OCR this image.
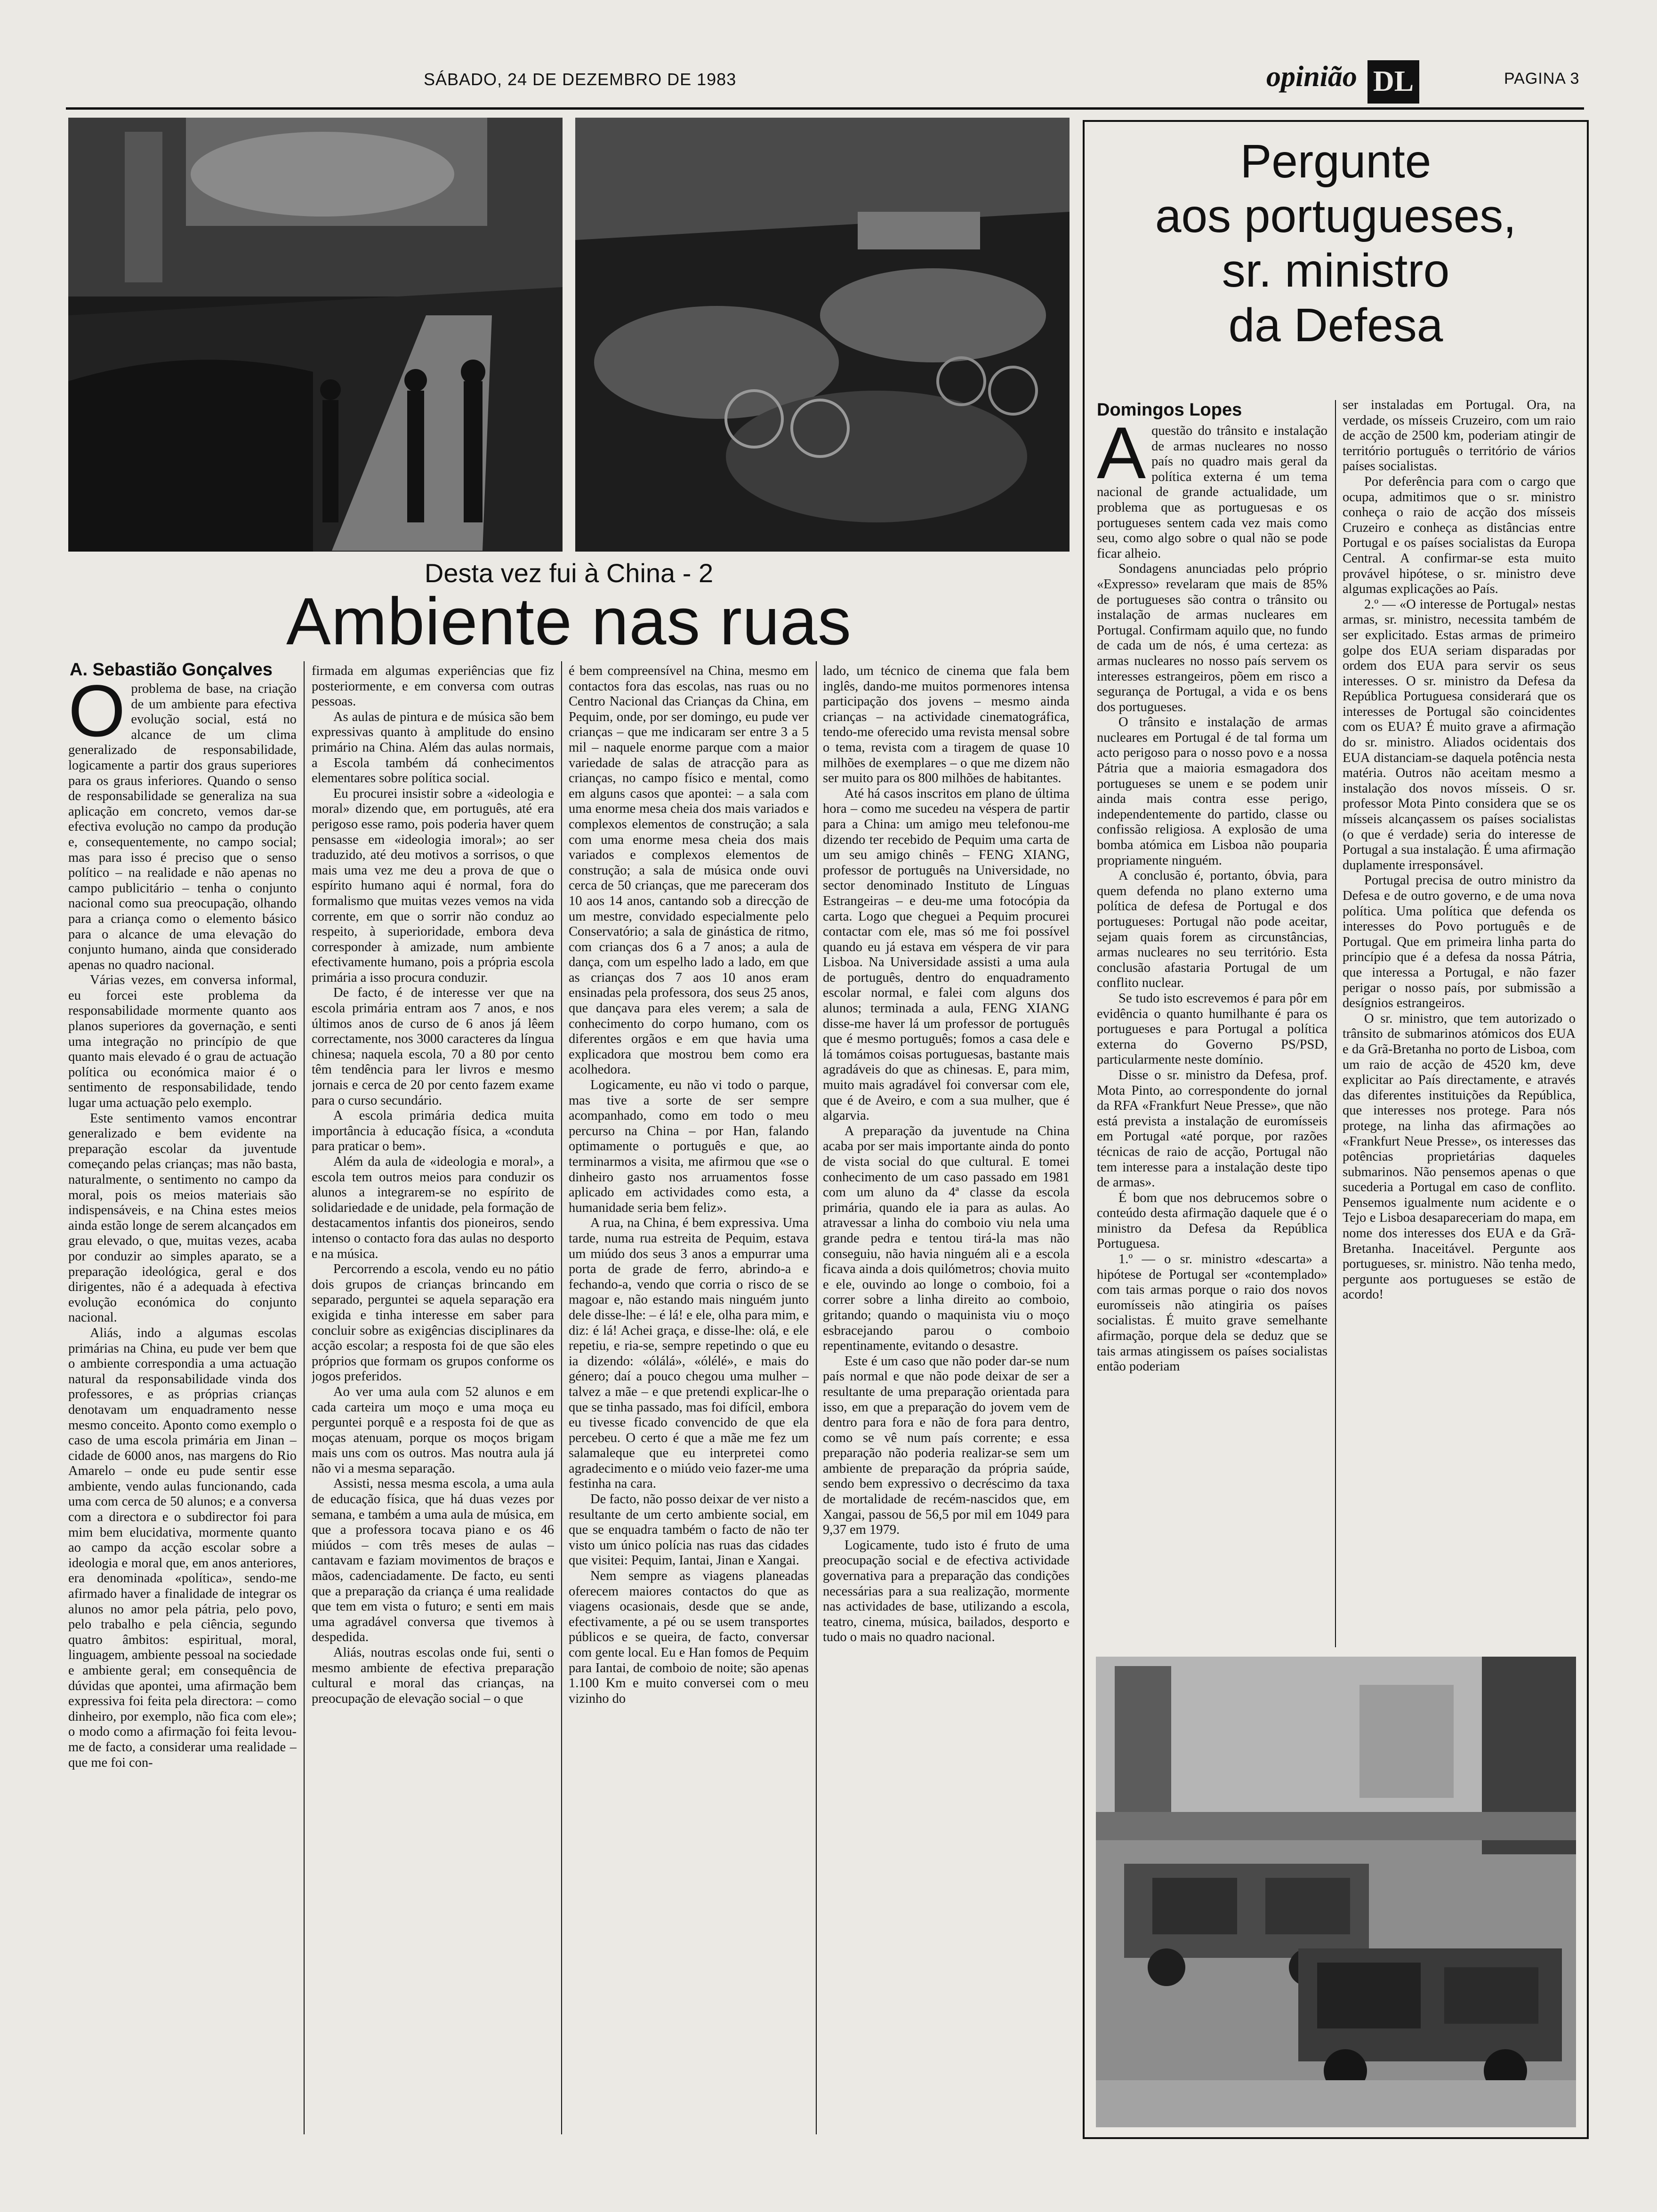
SÁBADO, 24 DE DEZEMBRO DE 1983	opinião DL	PAGINA 3
Desta vez fui à China - 2
Ambiente nas ruas
A. Sebastião Gonçalves

Oproblema de base, na criação de um ambiente para efectiva evolução social, está no alcance de um clima generalizado de responsabilidade, logicamente a partir dos graus superiores para os graus inferiores. Quando o senso de responsabilidade se generaliza na sua aplicação em concreto, vemos dar-se efectiva evolução no campo da produção e, consequentemente, no campo social; mas para isso é preciso que o senso político – na realidade e não apenas no campo publicitário – tenha o conjunto nacional como sua preocupação, olhando para a criança como o elemento básico para o alcance de uma elevação do conjunto humano, ainda que considerado apenas no quadro nacional.

Várias vezes, em conversa informal, eu forcei este problema da responsabilidade mormente quanto aos planos superiores da governação, e senti uma integração no princípio de que quanto mais elevado é o grau de actuação política ou económica maior é o sentimento de responsabilidade, tendo lugar uma actuação pelo exemplo.

Este sentimento vamos encontrar generalizado e bem evidente na preparação escolar da juventude começando pelas crianças; mas não basta, naturalmente, o sentimento no campo da moral, pois os meios materiais são indispensáveis, e na China estes meios ainda estão longe de serem alcançados em grau elevado, o que, muitas vezes, acaba por conduzir ao simples aparato, se a preparação ideológica, geral e dos dirigentes, não é a adequada à efectiva evolução económica do conjunto nacional.

Aliás, indo a algumas escolas primárias na China, eu pude ver bem que o ambiente correspondia a uma actuação natural da responsabilidade vinda dos professores, e as próprias crianças denotavam um enquadramento nesse mesmo conceito. Aponto como exemplo o caso de uma escola primária em Jinan – cidade de 6000 anos, nas margens do Rio Amarelo – onde eu pude sentir esse ambiente, vendo aulas funcionando, cada uma com cerca de 50 alunos; e a conversa com a directora e o subdirector foi para mim bem elucidativa, mormente quanto ao campo da acção escolar sobre a ideologia e moral que, em anos anteriores, era denominada «política», sendo-me afirmado haver a finalidade de integrar os alunos no amor pela pátria, pelo povo, pelo trabalho e pela ciência, segundo quatro âmbitos: espiritual, moral, linguagem, ambiente pessoal na sociedade e ambiente geral; em consequência de dúvidas que apontei, uma afirmação bem expressiva foi feita pela directora: – como dinheiro, por exemplo, não fica com ele»; o modo como a afirmação foi feita levou-me de facto, a considerar uma realidade – que me foi con-

firmada em algumas experiências que fiz posteriormente, e em conversa com outras pessoas.

As aulas de pintura e de música são bem expressivas quanto à amplitude do ensino primário na China. Além das aulas normais, a Escola também dá conhecimentos elementares sobre política social.

Eu procurei insistir sobre a «ideologia e moral» dizendo que, em português, até era perigoso esse ramo, pois poderia haver quem pensasse em «ideologia imoral»; ao ser traduzido, até deu motivos a sorrisos, o que mais uma vez me deu a prova de que o espírito humano aqui é normal, fora do formalismo que muitas vezes vemos na vida corrente, em que o sorrir não conduz ao respeito, à superioridade, embora deva corresponder à amizade, num ambiente efectivamente humano, pois a própria escola primária a isso procura conduzir.

De facto, é de interesse ver que na escola primária entram aos 7 anos, e nos últimos anos de curso de 6 anos já lêem correctamente, nos 3000 caracteres da língua chinesa; naquela escola, 70 a 80 por cento têm tendência para ler livros e mesmo jornais e cerca de 20 por cento fazem exame para o curso secundário.

A escola primária dedica muita importância à educação física, a «conduta para praticar o bem».

Além da aula de «ideologia e moral», a escola tem outros meios para conduzir os alunos a integrarem-se no espírito de solidariedade e de unidade, pela formação de destacamentos infantis dos pioneiros, sendo intenso o contacto fora das aulas no desporto e na música.

Percorrendo a escola, vendo eu no pátio dois grupos de crianças brincando em separado, perguntei se aquela separação era exigida e tinha interesse em saber para concluir sobre as exigências disciplinares da acção escolar; a resposta foi de que são eles próprios que formam os grupos conforme os jogos preferidos.

Ao ver uma aula com 52 alunos e em cada carteira um moço e uma moça eu perguntei porquê e a resposta foi de que as moças atenuam, porque os moços brigam mais uns com os outros. Mas noutra aula já não vi a mesma separação.

Assisti, nessa mesma escola, a uma aula de educação física, que há duas vezes por semana, e também a uma aula de música, em que a professora tocava piano e os 46 miúdos – com três meses de aulas – cantavam e faziam movimentos de braços e mãos, cadenciadamente. De facto, eu senti que a preparação da criança é uma realidade que tem em vista o futuro; e senti em mais uma agradável conversa que tivemos à despedida.

Aliás, noutras escolas onde fui, senti o mesmo ambiente de efectiva preparação cultural e moral das crianças, na preocupação de elevação social – o que

é bem compreensível na China, mesmo em contactos fora das escolas, nas ruas ou no Centro Nacional das Crianças da China, em Pequim, onde, por ser domingo, eu pude ver crianças – que me indicaram ser entre 3 a 5 mil – naquele enorme parque com a maior variedade de salas de atracção para as crianças, no campo físico e mental, como em alguns casos que apontei: – a sala com uma enorme mesa cheia dos mais variados e complexos elementos de construção; a sala com uma enorme mesa cheia dos mais variados e complexos elementos de construção; a sala de música onde ouvi cerca de 50 crianças, que me pareceram dos 10 aos 14 anos, cantando sob a direcção de um mestre, convidado especialmente pelo Conservatório; a sala de ginástica de ritmo, com crianças dos 6 a 7 anos; a aula de dança, com um espelho lado a lado, em que as crianças dos 7 aos 10 anos eram ensinadas pela professora, dos seus 25 anos, que dançava para eles verem; a sala de conhecimento do corpo humano, com os diferentes orgãos e em que havia uma explicadora que mostrou bem como era acolhedora.

Logicamente, eu não vi todo o parque, mas tive a sorte de ser sempre acompanhado, como em todo o meu percurso na China – por Han, falando optimamente o português e que, ao terminarmos a visita, me afirmou que «se o dinheiro gasto nos arruamentos fosse aplicado em actividades como esta, a humanidade seria bem feliz».

A rua, na China, é bem expressiva. Uma tarde, numa rua estreita de Pequim, estava um miúdo dos seus 3 anos a empurrar uma porta de grade de ferro, abrindo-a e fechando-a, vendo que corria o risco de se magoar e, não estando mais ninguém junto dele disse-lhe: – é lá! e ele, olha para mim, e diz: é lá! Achei graça, e disse-lhe: olá, e ele repetiu, e ria-se, sempre repetindo o que eu ia dizendo: «ólálá», «ólélé», e mais do género; daí a pouco chegou uma mulher – talvez a mãe – e que pretendi explicar-lhe o que se tinha passado, mas foi difícil, embora eu tivesse ficado convencido de que ela percebeu. O certo é que a mãe me fez um salamaleque que eu interpretei como agradecimento e o miúdo veio fazer-me uma festinha na cara.

De facto, não posso deixar de ver nisto a resultante de um certo ambiente social, em que se enquadra também o facto de não ter visto um único polícia nas ruas das cidades que visitei: Pequim, Iantai, Jinan e Xangai.

Nem sempre as viagens planeadas oferecem maiores contactos do que as viagens ocasionais, desde que se ande, efectivamente, a pé ou se usem transportes públicos e se queira, de facto, conversar com gente local. Eu e Han fomos de Pequim para Iantai, de comboio de noite; são apenas 1.100 Km e muito conversei com o meu vizinho do

lado, um técnico de cinema que fala bem inglês, dando-me muitos pormenores intensa participação dos jovens – mesmo ainda crianças – na actividade cinematográfica, tendo-me oferecido uma revista mensal sobre o tema, revista com a tiragem de quase 10 milhões de exemplares – o que me dizem não ser muito para os 800 milhões de habitantes.

Até há casos inscritos em plano de última hora – como me sucedeu na véspera de partir para a China: um amigo meu telefonou-me dizendo ter recebido de Pequim uma carta de um seu amigo chinês – FENG XIANG, professor de português na Universidade, no sector denominado Instituto de Línguas Estrangeiras – e deu-me uma fotocópia da carta. Logo que cheguei a Pequim procurei contactar com ele, mas só me foi possível quando eu já estava em véspera de vir para Lisboa. Na Universidade assisti a uma aula de português, dentro do enquadramento escolar normal, e falei com alguns dos alunos; terminada a aula, FENG XIANG disse-me haver lá um professor de português que é mesmo português; fomos a casa dele e lá tomámos coisas portuguesas, bastante mais agradáveis do que as chinesas. E, para mim, muito mais agradável foi conversar com ele, que é de Aveiro, e com a sua mulher, que é algarvia.

A preparação da juventude na China acaba por ser mais importante ainda do ponto de vista social do que cultural. E tomei conhecimento de um caso passado em 1981 com um aluno da 4ª classe da escola primária, quando ele ia para as aulas. Ao atravessar a linha do comboio viu nela uma grande pedra e tentou tirá-la mas não conseguiu, não havia ninguém ali e a escola ficava ainda a dois quilómetros; chovia muito e ele, ouvindo ao longe o comboio, foi a correr sobre a linha direito ao comboio, gritando; quando o maquinista viu o moço esbracejando parou o comboio repentinamente, evitando o desastre.

Este é um caso que não poder dar-se num país normal e que não pode deixar de ser a resultante de uma preparação orientada para isso, em que a preparação do jovem vem de dentro para fora e não de fora para dentro, como se vê num país corrente; e essa preparação não poderia realizar-se sem um ambiente de preparação da própria saúde, sendo bem expressivo o decréscimo da taxa de mortalidade de recém-nascidos que, em Xangai, passou de 56,5 por mil em 1049 para 9,37 em 1979.

Logicamente, tudo isto é fruto de uma preocupação social e de efectiva actividade governativa para a preparação das condições necessárias para a sua realização, mormente nas actividades de base, utilizando a escola, teatro, cinema, música, bailados, desporto e tudo o mais no quadro nacional.

Pergunte
aos portugueses,
sr. ministro
da Defesa
Domingos Lopes

Aquestão do trânsito e instalação de armas nucleares no nosso país no quadro mais geral da política externa é um tema nacional de grande actualidade, um problema que as portuguesas e os portugueses sentem cada vez mais como seu, como algo sobre o qual não se pode ficar alheio.

Sondagens anunciadas pelo próprio «Expresso» revelaram que mais de 85% de portugueses são contra o trânsito ou instalação de armas nucleares em Portugal. Confirmam aquilo que, no fundo de cada um de nós, é uma certeza: as armas nucleares no nosso país servem os interesses estrangeiros, põem em risco a segurança de Portugal, a vida e os bens dos portugueses.

O trânsito e instalação de armas nucleares em Portugal é de tal forma um acto perigoso para o nosso povo e a nossa Pátria que a maioria esmagadora dos portugueses se unem e se podem unir ainda mais contra esse perigo, independentemente do partido, classe ou confissão religiosa. A explosão de uma bomba atómica em Lisboa não pouparia propriamente ninguém.

A conclusão é, portanto, óbvia, para quem defenda no plano externo uma política de defesa de Portugal e dos portugueses: Portugal não pode aceitar, sejam quais forem as circunstâncias, armas nucleares no seu território. Esta conclusão afastaria Portugal de um conflito nuclear.

Se tudo isto escrevemos é para pôr em evidência o quanto humilhante é para os portugueses e para Portugal a política externa do Governo PS/PSD, particularmente neste domínio.

Disse o sr. ministro da Defesa, prof. Mota Pinto, ao correspondente do jornal da RFA «Frankfurt Neue Presse», que não está prevista a instalação de euromísseis em Portugal «até porque, por razões técnicas de raio de acção, Portugal não tem interesse para a instalação deste tipo de armas».

É bom que nos debrucemos sobre o conteúdo desta afirmação daquele que é o ministro da Defesa da República Portuguesa.

1.º — o sr. ministro «descarta» a hipótese de Portugal ser «contemplado» com tais armas porque o raio dos novos euromísseis não atingiria os países socialistas. É muito grave semelhante afirmação, porque dela se deduz que se tais armas atingissem os países socialistas então poderiam

ser instaladas em Portugal. Ora, na verdade, os mísseis Cruzeiro, com um raio de acção de 2500 km, poderiam atingir de território português o território de vários países socialistas.

Por deferência para com o cargo que ocupa, admitimos que o sr. ministro conheça o raio de acção dos mísseis Cruzeiro e conheça as distâncias entre Portugal e os países socialistas da Europa Central. A confirmar-se esta muito provável hipótese, o sr. ministro deve algumas explicações ao País.

2.º — «O interesse de Portugal» nestas armas, sr. ministro, necessita também de ser explicitado. Estas armas de primeiro golpe dos EUA seriam disparadas por ordem dos EUA para servir os seus interesses. O sr. ministro da Defesa da República Portuguesa considerará que os interesses de Portugal são coincidentes com os EUA? É muito grave a afirmação do sr. ministro. Aliados ocidentais dos EUA distanciam-se daquela potência nesta matéria. Outros não aceitam mesmo a instalação dos novos mísseis. O sr. professor Mota Pinto considera que se os mísseis alcançassem os países socialistas (o que é verdade) seria do interesse de Portugal a sua instalação. É uma afirmação duplamente irresponsável.

Portugal precisa de outro ministro da Defesa e de outro governo, e de uma nova política. Uma política que defenda os interesses do Povo português e de Portugal. Que em primeira linha parta do princípio que é a defesa da nossa Pátria, que interessa a Portugal, e não fazer perigar o nosso país, por submissão a desígnios estrangeiros.

O sr. ministro, que tem autorizado o trânsito de submarinos atómicos dos EUA e da Grã-Bretanha no porto de Lisboa, com um raio de acção de 4520 km, deve explicitar ao País directamente, e através das diferentes instituições da República, que interesses nos protege. Para nós protege, na linha das afirmações ao «Frankfurt Neue Presse», os interesses das potências proprietárias daqueles submarinos. Não pensemos apenas o que sucederia a Portugal em caso de conflito. Pensemos igualmente num acidente e o Tejo e Lisboa desapareceriam do mapa, em nome dos interesses dos EUA e da Grã-Bretanha. Inaceitável. Pergunte aos portugueses, sr. ministro. Não tenha medo, pergunte aos portugueses se estão de acordo!
